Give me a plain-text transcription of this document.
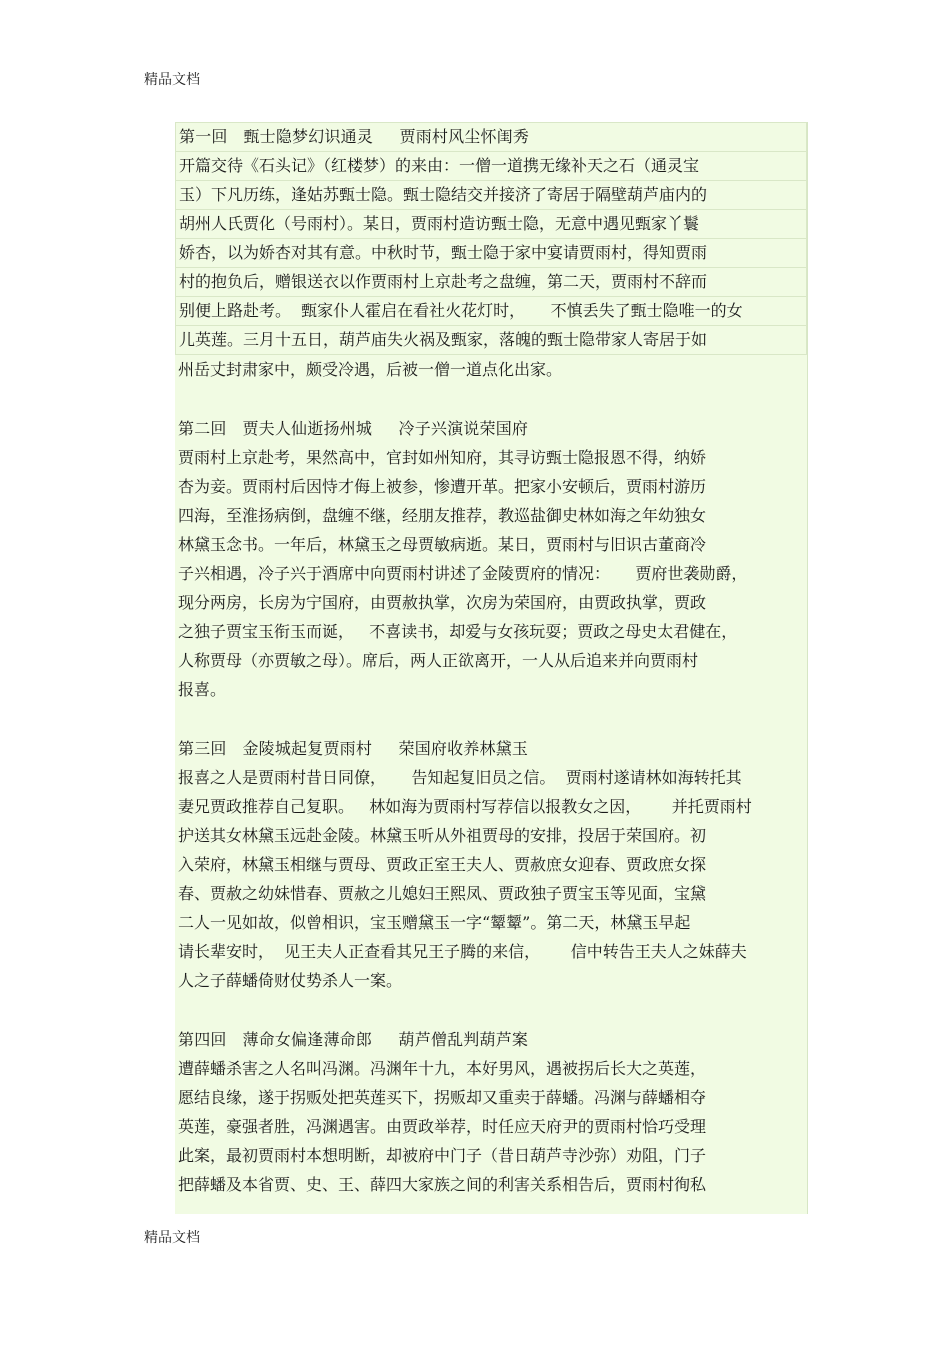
精品文档
第一回   甄士隐梦幻识通灵     贾雨村风尘怀闺秀
开篇交待《石头记》（红楼梦）的来由：一僧一道携无缘补天之石（通灵宝
玉）下凡历练，逢姑苏甄士隐。甄士隐结交并接济了寄居于隔壁葫芦庙内的
胡州人氏贾化（号雨村）。某日，贾雨村造访甄士隐，无意中遇见甄家丫鬟
娇杏，以为娇杏对其有意。中秋时节，甄士隐于家中宴请贾雨村，得知贾雨
村的抱负后，赠银送衣以作贾雨村上京赴考之盘缠，第二天，贾雨村不辞而
别便上路赴考。  甄家仆人霍启在看社火花灯时，     不慎丢失了甄士隐唯一的女
儿英莲。三月十五日，葫芦庙失火祸及甄家，落魄的甄士隐带家人寄居于如
州岳丈封肃家中，颇受冷遇，后被一僧一道点化出家。
第二回   贾夫人仙逝扬州城     冷子兴演说荣国府
贾雨村上京赴考，果然高中，官封如州知府，其寻访甄士隐报恩不得，纳娇
杏为妾。贾雨村后因恃才侮上被参，惨遭开革。把家小安顿后，贾雨村游历
四海，至淮扬病倒，盘缠不继，经朋友推荐，教巡盐御史林如海之年幼独女
林黛玉念书。一年后，林黛玉之母贾敏病逝。某日，贾雨村与旧识古董商冷
子兴相遇，冷子兴于酒席中向贾雨村讲述了金陵贾府的情况：     贾府世袭勋爵，
现分两房，长房为宁国府，由贾赦执掌，次房为荣国府，由贾政执掌，贾政
之独子贾宝玉衔玉而诞，   不喜读书，却爱与女孩玩耍；贾政之母史太君健在，
人称贾母（亦贾敏之母）。席后，两人正欲离开，一人从后追来并向贾雨村
报喜。
第三回   金陵城起复贾雨村     荣国府收养林黛玉
报喜之人是贾雨村昔日同僚，     告知起复旧员之信。  贾雨村遂请林如海转托其
妻兄贾政推荐自己复职。   林如海为贾雨村写荐信以报教女之因，      并托贾雨村
护送其女林黛玉远赴金陵。林黛玉听从外祖贾母的安排，投居于荣国府。初
入荣府，林黛玉相继与贾母、贾政正室王夫人、贾赦庶女迎春、贾政庶女探
春、贾赦之幼妹惜春、贾赦之儿媳妇王熙凤、贾政独子贾宝玉等见面，宝黛
二人一见如故，似曾相识，宝玉赠黛玉一字“颦颦”。第二天，林黛玉早起
请长辈安时，  见王夫人正查看其兄王子腾的来信，      信中转告王夫人之妹薛夫
人之子薛蟠倚财仗势杀人一案。
第四回   薄命女偏逢薄命郎     葫芦僧乱判葫芦案
遭薛蟠杀害之人名叫冯渊。冯渊年十九，本好男风，遇被拐后长大之英莲，
愿结良缘，遂于拐贩处把英莲买下，拐贩却又重卖于薛蟠。冯渊与薛蟠相夺
英莲，豪强者胜，冯渊遇害。由贾政举荐，时任应天府尹的贾雨村恰巧受理
此案，最初贾雨村本想明断，却被府中门子（昔日葫芦寺沙弥）劝阻，门子
把薛蟠及本省贾、史、王、薛四大家族之间的利害关系相告后，贾雨村徇私
精品文档
